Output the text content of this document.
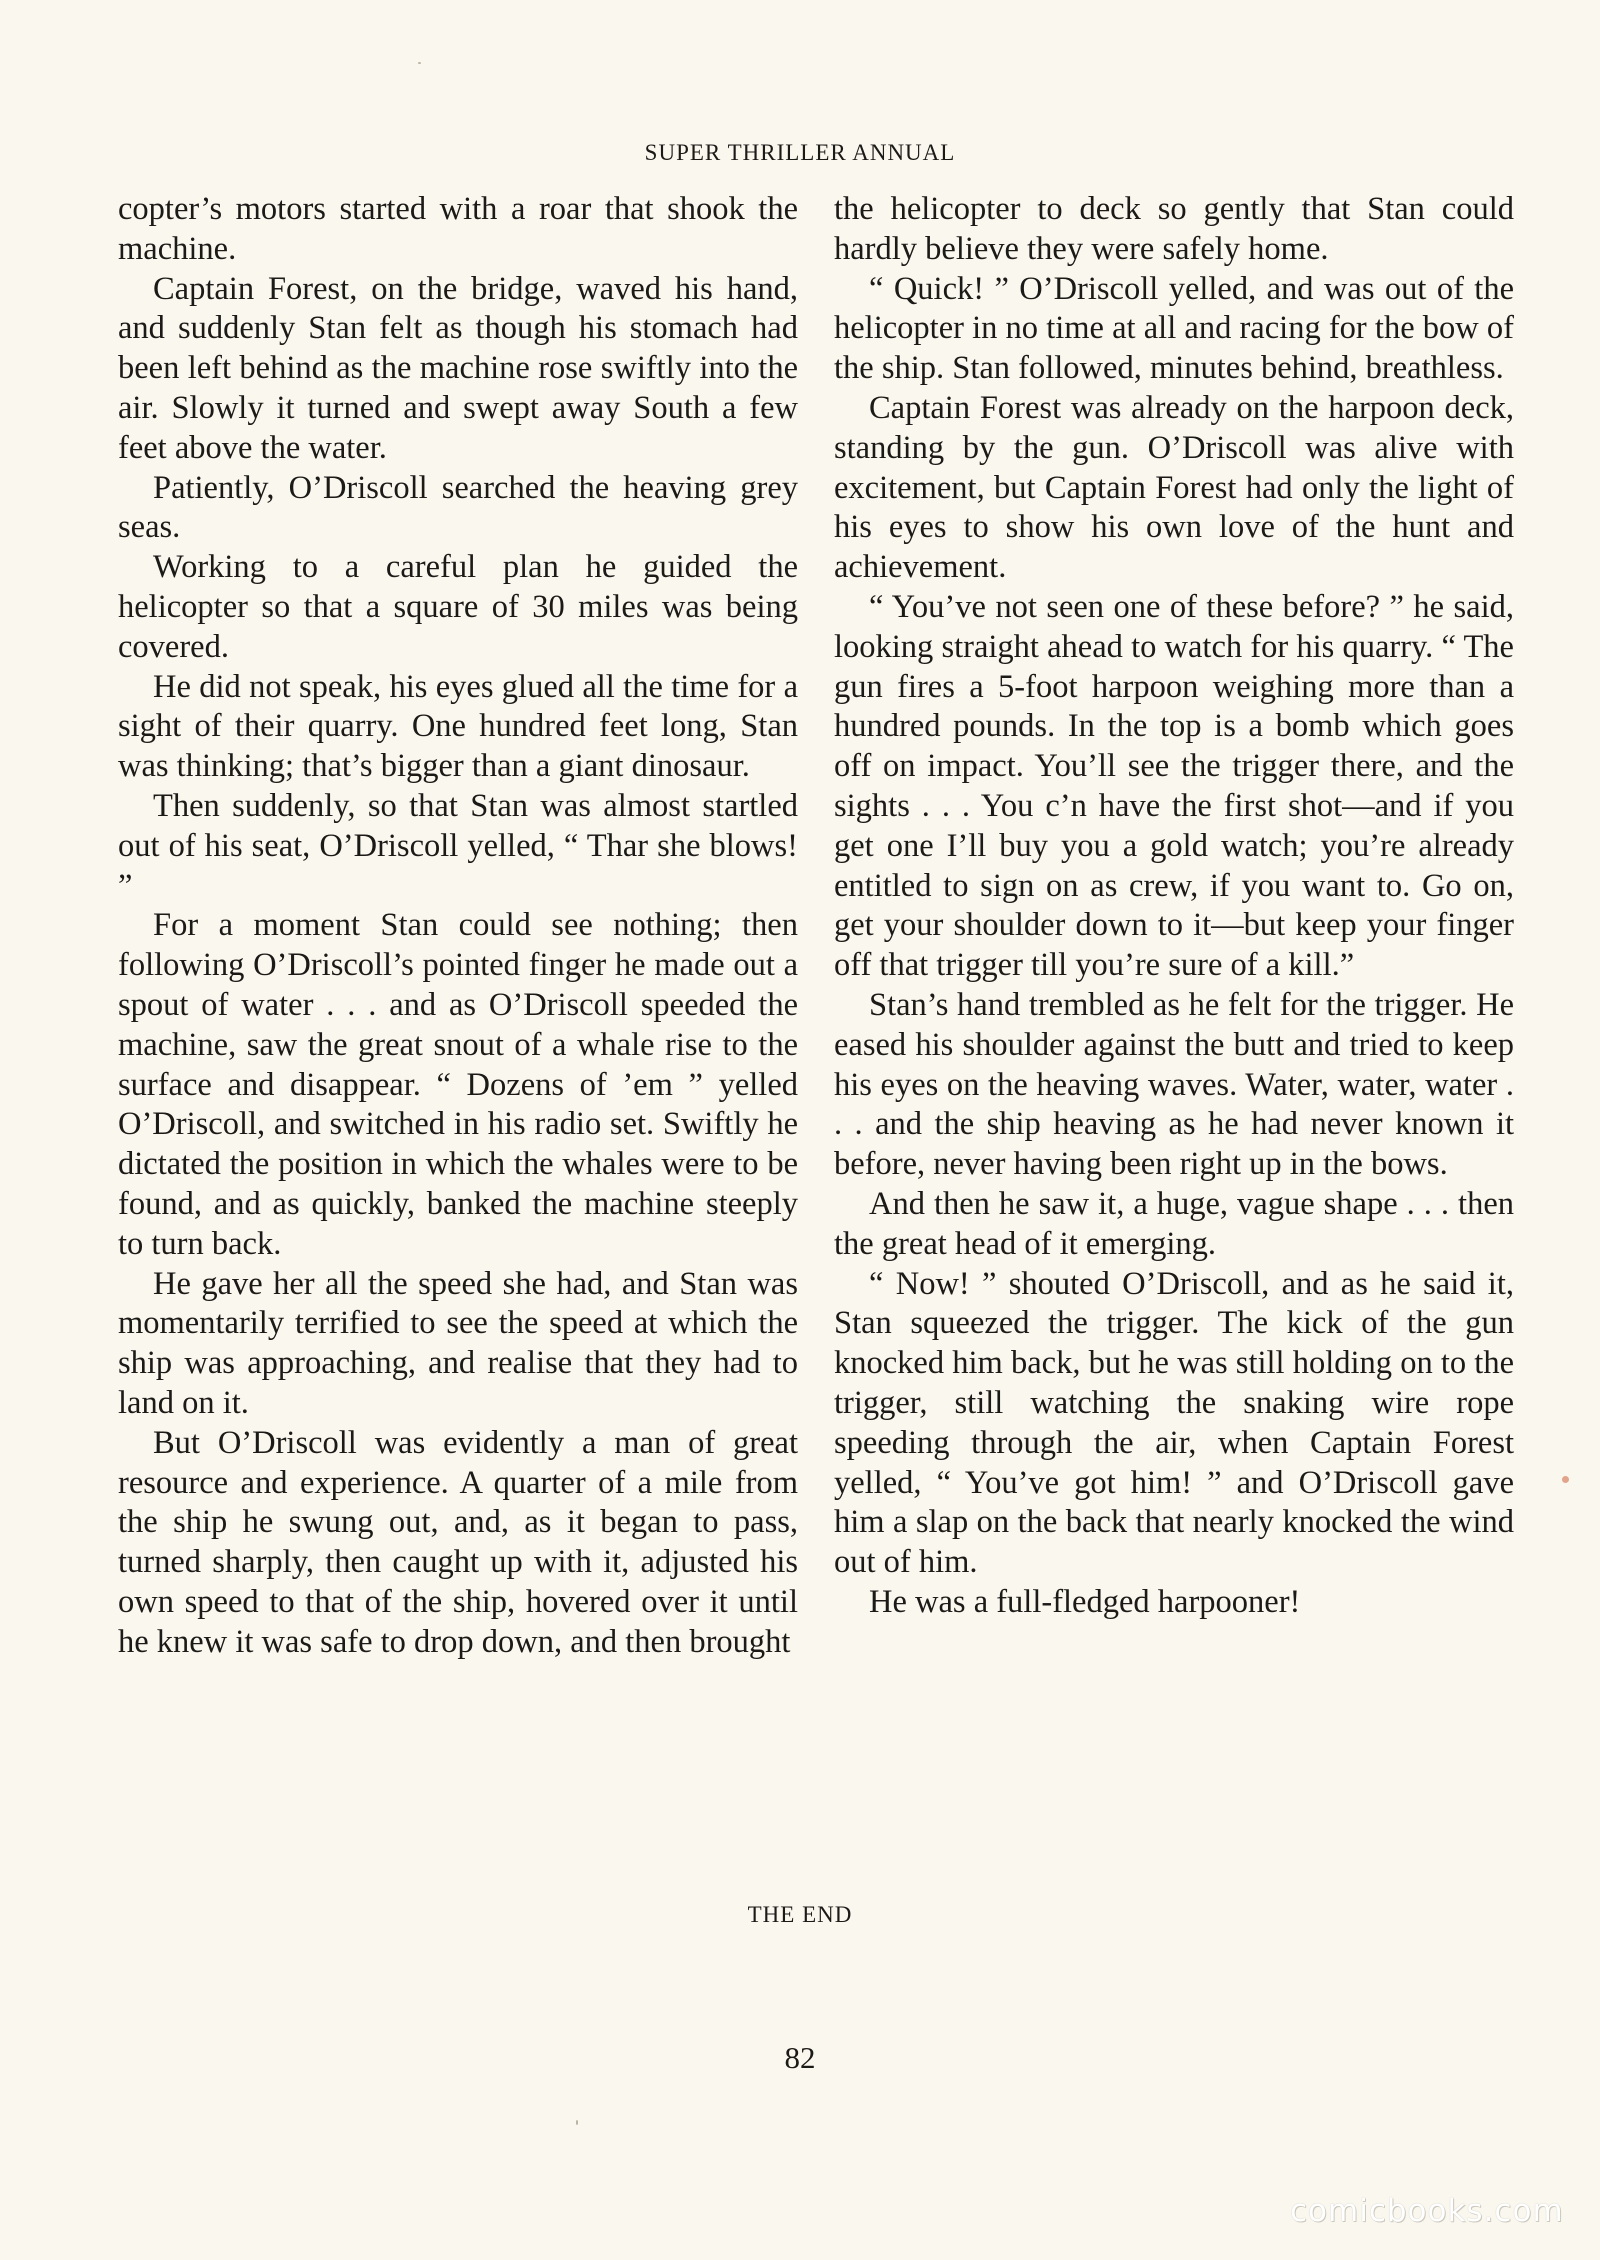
SUPER THRILLER ANNUAL

copter’s motors started with a roar that shook the machine.

Captain Forest, on the bridge, waved his hand, and suddenly Stan felt as though his stomach had been left behind as the machine rose swiftly into the air. Slowly it turned and swept away South a few feet above the water.

Patiently, O’Driscoll searched the heaving grey seas.

Working to a careful plan he guided the helicopter so that a square of 30 miles was being covered.

He did not speak, his eyes glued all the time for a sight of their quarry. One hundred feet long, Stan was thinking; that’s bigger than a giant dinosaur.

Then suddenly, so that Stan was almost startled out of his seat, O’Driscoll yelled, “ Thar she blows! ”

For a moment Stan could see nothing; then following O’Driscoll’s pointed finger he made out a spout of water . . . and as O’Driscoll speeded the machine, saw the great snout of a whale rise to the surface and disappear. “ Dozens of ’em ” yelled O’Driscoll, and switched in his radio set. Swiftly he dictated the position in which the whales were to be found, and as quickly, banked the machine steeply to turn back.

He gave her all the speed she had, and Stan was momentarily terrified to see the speed at which the ship was approaching, and realise that they had to land on it.

But O’Driscoll was evidently a man of great resource and experience. A quarter of a mile from the ship he swung out, and, as it began to pass, turned sharply, then caught up with it, adjusted his own speed to that of the ship, hovered over it until he knew it was safe to drop down, and then brought

the helicopter to deck so gently that Stan could hardly believe they were safely home.

“ Quick! ” O’Driscoll yelled, and was out of the helicopter in no time at all and racing for the bow of the ship. Stan followed, minutes behind, breathless.

Captain Forest was already on the harpoon deck, standing by the gun. O’Driscoll was alive with excitement, but Captain Forest had only the light of his eyes to show his own love of the hunt and achievement.

“ You’ve not seen one of these before? ” he said, looking straight ahead to watch for his quarry. “ The gun fires a 5-foot harpoon weighing more than a hundred pounds. In the top is a bomb which goes off on impact. You’ll see the trigger there, and the sights . . . You c’n have the first shot—and if you get one I’ll buy you a gold watch; you’re already entitled to sign on as crew, if you want to. Go on, get your shoulder down to it—but keep your finger off that trigger till you’re sure of a kill.”

Stan’s hand trembled as he felt for the trigger. He eased his shoulder against the butt and tried to keep his eyes on the heaving waves. Water, water, water . . . and the ship heaving as he had never known it before, never having been right up in the bows.

And then he saw it, a huge, vague shape . . . then the great head of it emerging.

“ Now! ” shouted O’Driscoll, and as he said it, Stan squeezed the trigger. The kick of the gun knocked him back, but he was still holding on to the trigger, still watching the snaking wire rope speeding through the air, when Captain Forest yelled, “ You’ve got him! ” and O’Driscoll gave him a slap on the back that nearly knocked the wind out of him.

He was a full-fledged harpooner!

THE END
82
comicbooks.com
